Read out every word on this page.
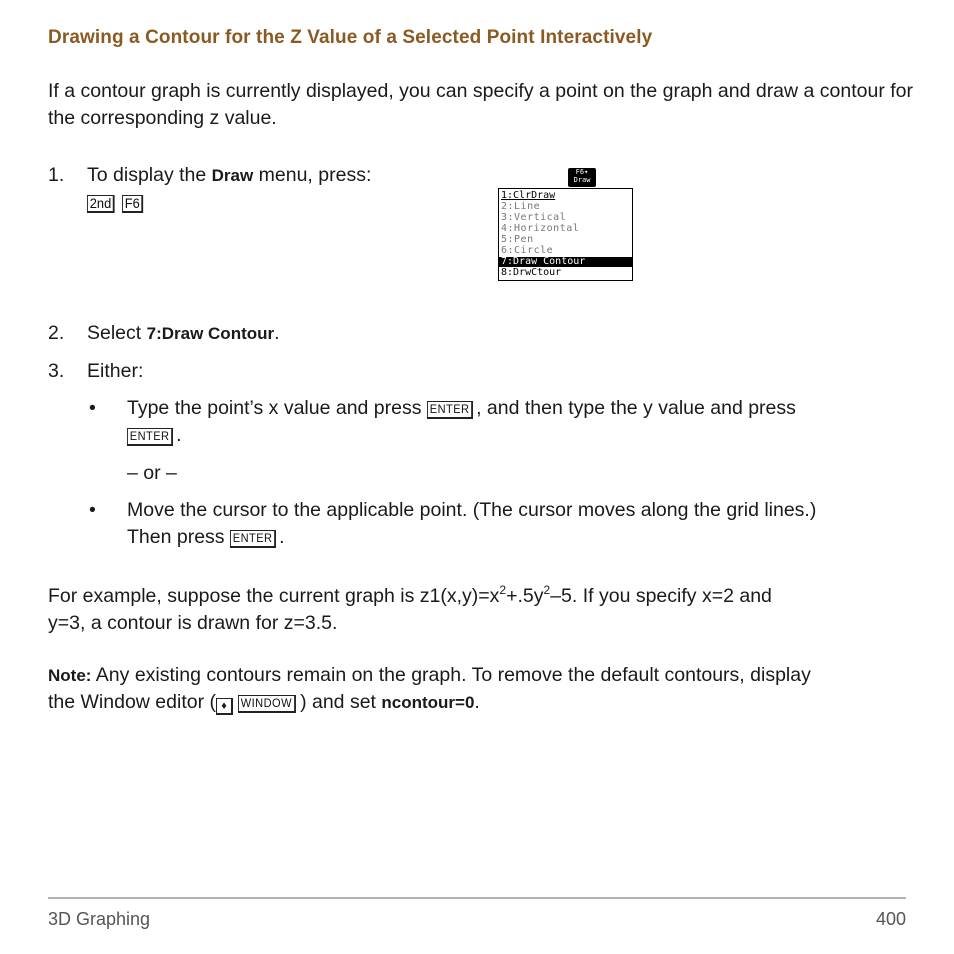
Drawing a Contour for the Z Value of a Selected Point Interactively
If a contour graph is currently displayed, you can specify a point on the graph and draw a contour for the corresponding z value.
1. To display the Draw menu, press:
2nd F6
F6▾
Draw
1:ClrDraw
2:Line
3:Vertical
4:Horizontal
5:Pen
6:Circle
7:Draw Contour
8:DrwCtour
2. Select 7:Draw Contour.
3. Either:
• Type the point’s x value and press ENTER , and then type the y value and press
ENTER .
– or –
• Move the cursor to the applicable point. (The cursor moves along the grid lines.)
Then press ENTER .
For example, suppose the current graph is $z1(x,y)=x^2+.5y^2-5$. If you specify x=2 and
y=3, a contour is drawn for z=3.5.
Note: Any existing contours remain on the graph. To remove the default contours, display
the Window editor ( ♦ WINDOW ) and set ncontour=0.
3D Graphing	400
